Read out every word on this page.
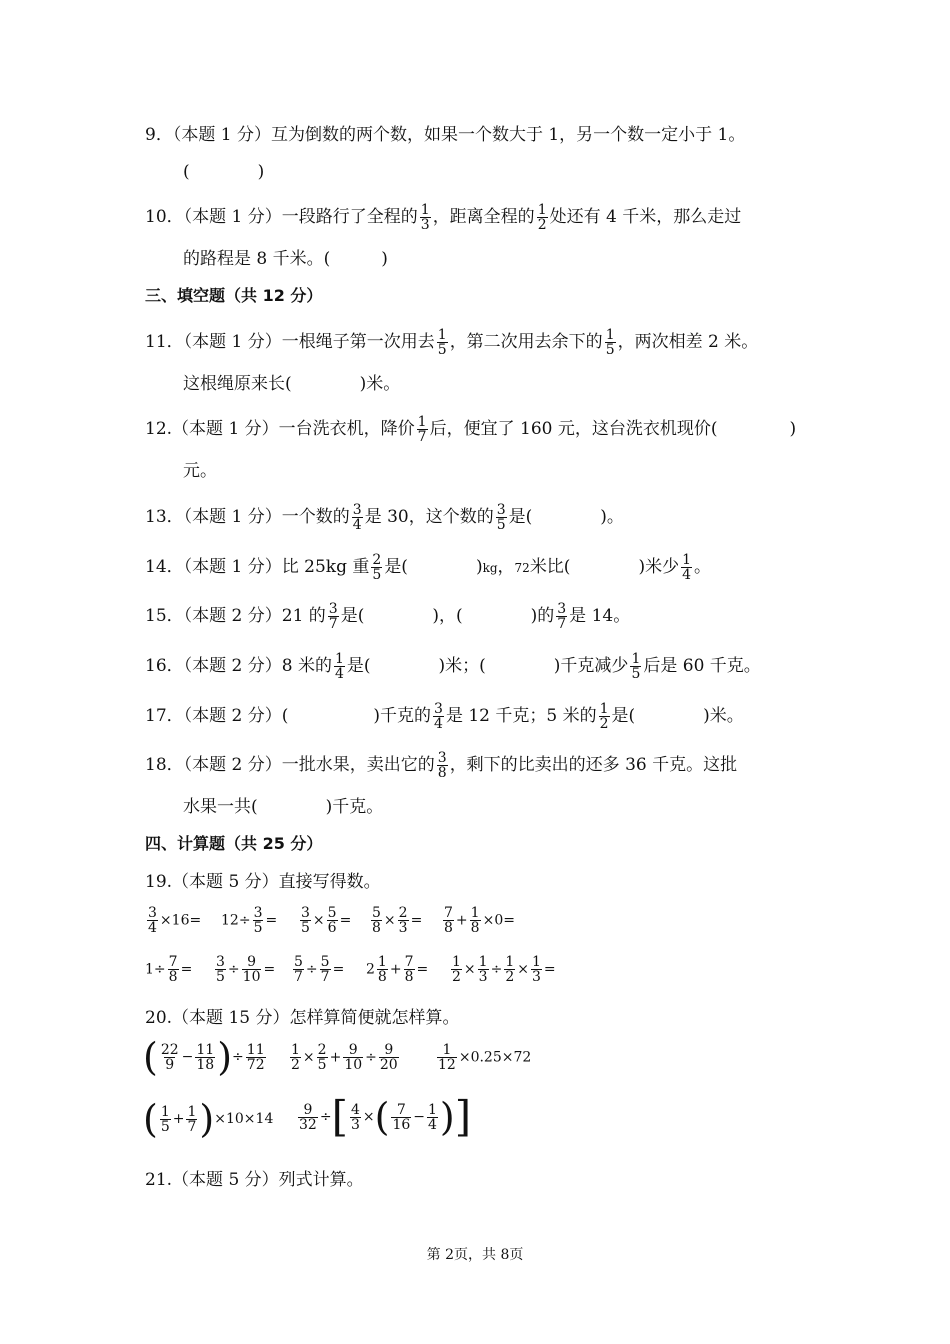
9．（本题 1 分）互为倒数的两个数，如果一个数大于 1，另一个数一定小于 1。
(　　　　)
10．（本题 1 分）一段路行了全程的 $\frac{1}{3}$ ，距离全程的 $\frac{1}{2}$ 处还有 4 千米，那么走过
的路程是 8 千米。(　　　)
三、填空题（共 12 分）
11．（本题 1 分）一根绳子第一次用去 $\frac{1}{5}$ ，第二次用去余下的 $\frac{1}{5}$ ，两次相差 2 米。
这根绳原来长(　　　　)米。
12.（本题 1 分）一台洗衣机，降价 $\frac{1}{7}$ 后，便宜了 160 元，这台洗衣机现价(	)
元。
13．（本题 1 分）一个数的 $\frac{3}{4}$ 是 30，这个数的 $\frac{3}{5}$ 是(　　　　)。
14．（本题 1 分）比 25kg 重 $\frac{2}{5}$ 是(　　　　)kg，72米比(　　　　)米少 $\frac{1}{4}$ 。
15．（本题 2 分）21 的 $\frac{3}{7}$ 是(　　　　)，(　　　　)的 $\frac{3}{7}$ 是 14。
16．（本题 2 分）8 米的 $\frac{1}{4}$ 是(　　　　)米；(　　　　)千克减少 $\frac{1}{5}$ 后是 60 千克。
17．（本题 2 分）(　　　　　)千克的 $\frac{3}{4}$ 是 12 千克；5 米的 $\frac{1}{2}$ 是(　　　　)米。
18．（本题 2 分）一批水果，卖出它的 $\frac{3}{8}$ ，剩下的比卖出的还多 36 千克。这批
水果一共(　　　　)千克。
四、计算题（共 25 分）
19.（本题 5 分）直接写得数。
$\frac{3}{4} \times 16= 12\div \frac{3}{5} = \frac{3}{5} \times \frac{5}{6} = \frac{5}{8} \times \frac{2}{3} = \frac{7}{8} + \frac{1}{8} \times 0=$
$1\div \frac{7}{8} = \frac{3}{5} \div \frac{9}{10} = \frac{5}{7} \div \frac{5}{7} = 2 \frac{1}{8} + \frac{7}{8} = \frac{1}{2} \times \frac{1}{3} \div \frac{1}{2} \times \frac{1}{3}$ =
20.（本题 15 分）怎样算简便就怎样算。
( $\frac{22}{9} - \frac{11}{18}$ )÷ $\frac{11}{72} \frac{1}{2} \times \frac{2}{5} + \frac{9}{10} \div \frac{9}{20}$	$\frac{1}{12} \times 0.25\times 72$
( $\frac{1}{5} + \frac{1}{7} )\times 10\times 14 \frac{9}{32}$ ÷[ $\frac{4}{3}$ ×( $\frac{7}{16} - \frac{1}{4}$ )]
21.（本题 5 分）列式计算。
第 2页，共 8页
